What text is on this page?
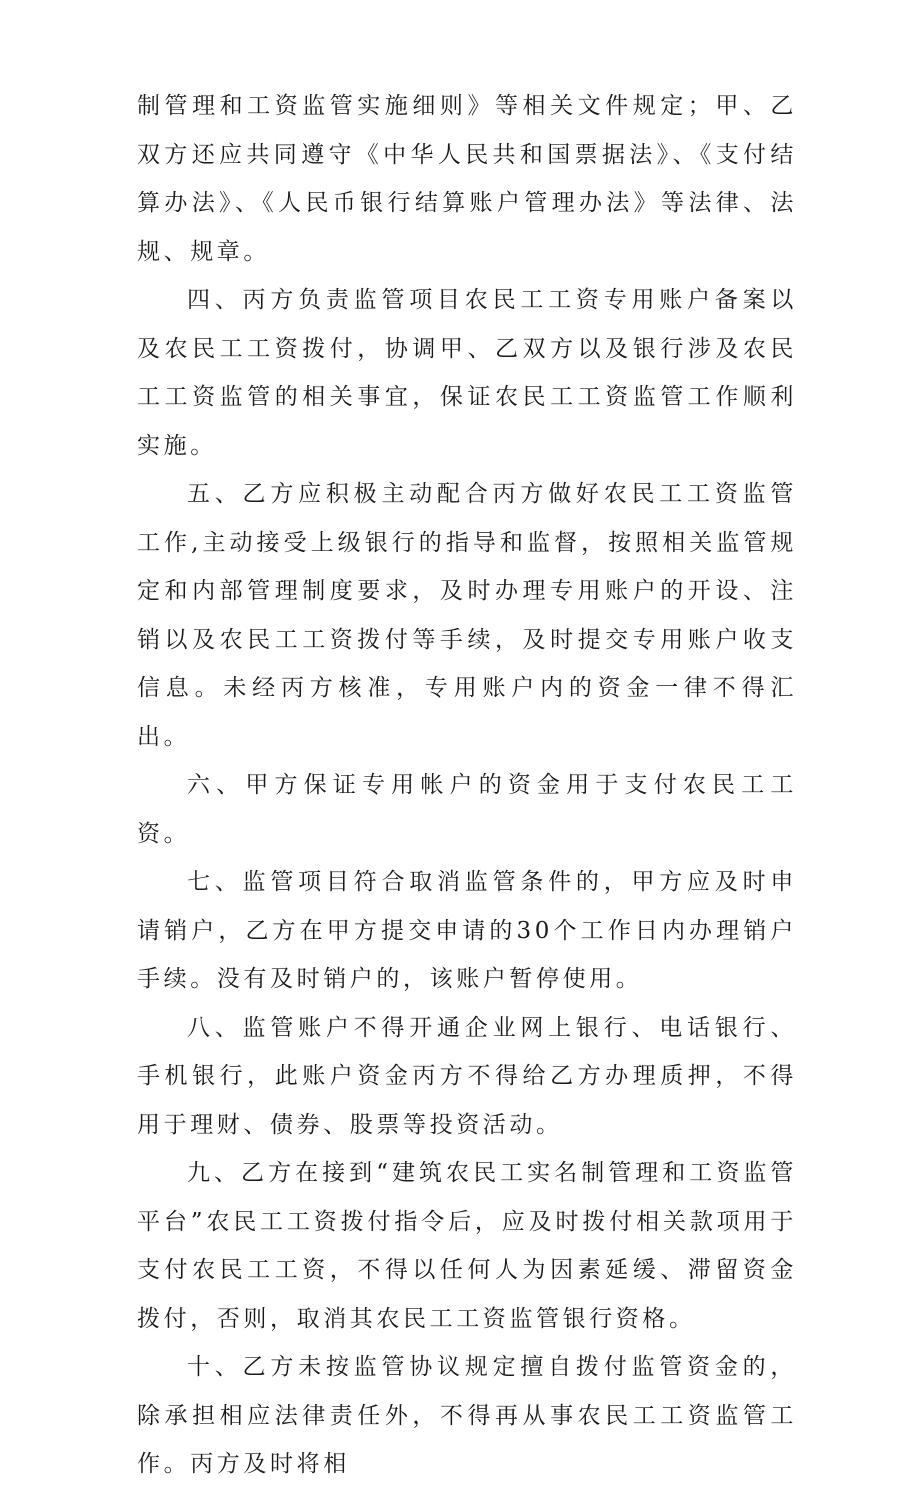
制管理和工资监管实施细则》等相关文件规定；甲、乙双方还应共同遵守《中华人民共和国票据法》、《支付结算办法》、《人民币银行结算账户管理办法》等法律、法规、规章。

四、丙方负责监管项目农民工工资专用账户备案以及农民工工资拨付，协调甲、乙双方以及银行涉及农民工工资监管的相关事宜，保证农民工工资监管工作顺利实施。

五、乙方应积极主动配合丙方做好农民工工资监管工作,主动接受上级银行的指导和监督，按照相关监管规定和内部管理制度要求，及时办理专用账户的开设、注销以及农民工工资拨付等手续，及时提交专用账户收支信息。未经丙方核准，专用账户内的资金一律不得汇出。

六、甲方保证专用帐户的资金用于支付农民工工资。

七、监管项目符合取消监管条件的，甲方应及时申请销户，乙方在甲方提交申请的30个工作日内办理销户手续。没有及时销户的，该账户暂停使用。

八、监管账户不得开通企业网上银行、电话银行、手机银行，此账户资金丙方不得给乙方办理质押，不得用于理财、债券、股票等投资活动。

九、乙方在接到“建筑农民工实名制管理和工资监管平台”农民工工资拨付指令后，应及时拨付相关款项用于支付农民工工资，不得以任何人为因素延缓、滞留资金拨付，否则，取消其农民工工资监管银行资格。

十、乙方未按监管协议规定擅自拨付监管资金的，除承担相应法律责任外，不得再从事农民工工资监管工作。丙方及时将相
